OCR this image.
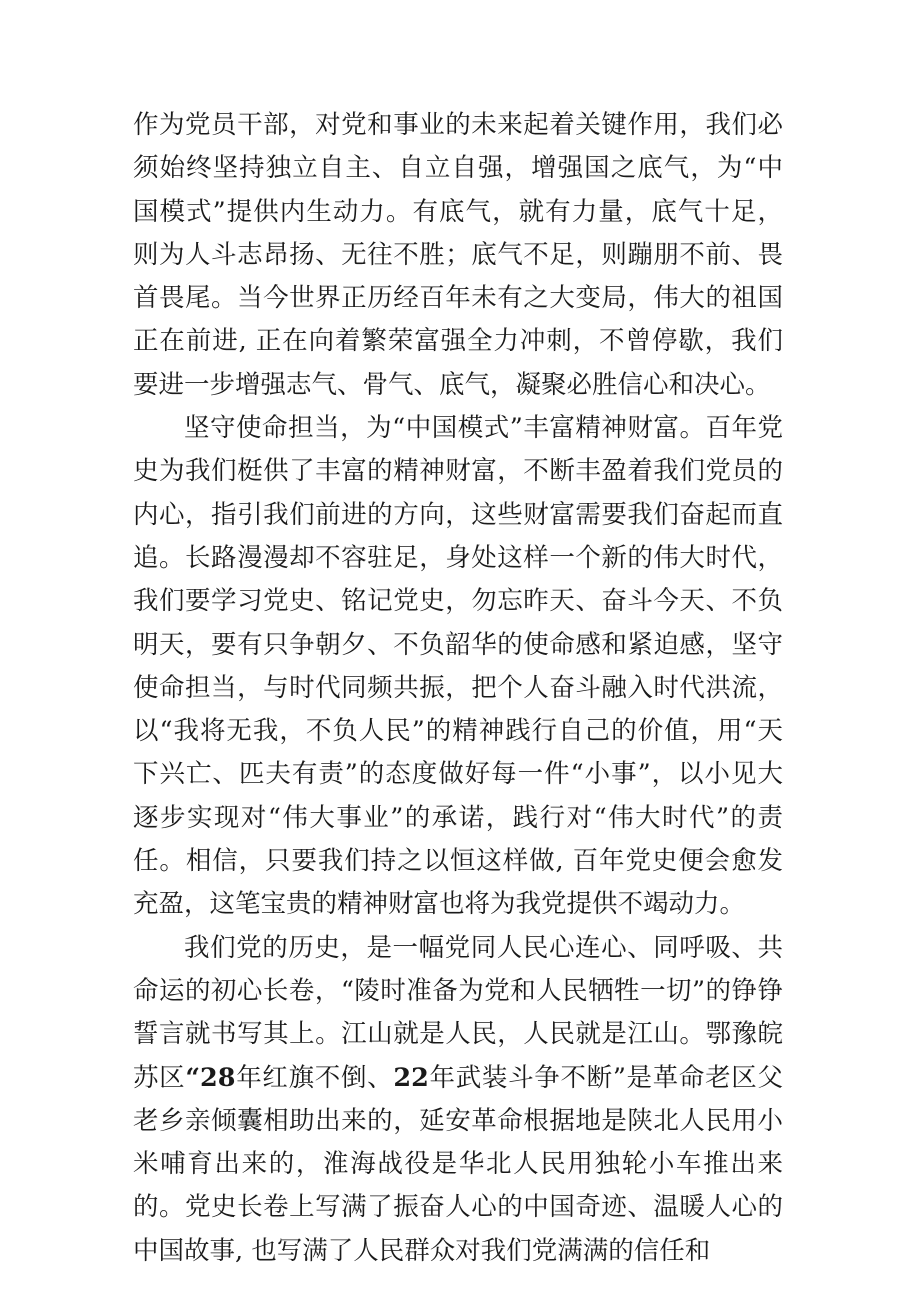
作为党员干部，对党和事业的未来起着关键作用，我们必须始终坚持独立自主、自立自强，增强国之底气，为“中国模式”提供内生动力。有底气，就有力量，底气十足，则为人斗志昂扬、无往不胜；底气不足，则蹦朋不前、畏首畏尾。当今世界正历经百年未有之大变局，伟大的祖国正在前进, 正在向着繁荣富强全力冲刺，不曾停歇，我们要进一步增强志气、骨气、底气，凝聚必胜信心和决心。

坚守使命担当，为“中国模式”丰富精神财富。百年党史为我们梃供了丰富的精神财富，不断丰盈着我们党员的内心，指引我们前进的方向，这些财富需要我们奋起而直追。长路漫漫却不容驻足，身处这样一个新的伟大时代，我们要学习党史、铭记党史，勿忘昨天、奋斗今天、不负明天，要有只争朝夕、不负韶华的使命感和紧迫感，坚守使命担当，与时代同频共振，把个人奋斗融入时代洪流，以“我将无我，不负人民”的精神践行自己的价值，用“天下兴亡、匹夫有责”的态度做好每一件“小事”，以小见大逐步实现对“伟大事业”的承诺，践行对“伟大时代”的责任。相信，只要我们持之以恒这样做, 百年党史便会愈发充盈，这笔宝贵的精神财富也将为我党提供不竭动力。

我们党的历史，是一幅党同人民心连心、同呼吸、共命运的初心长卷，“陵时准备为党和人民牺牲一切”的铮铮誓言就书写其上。江山就是人民，人民就是江山。鄂豫皖苏区“28年红旗不倒、22年武装斗争不断”是革命老区父老乡亲倾囊相助出来的，延安革命根据地是陕北人民用小米哺育出来的，淮海战役是华北人民用独轮小车推出来的。党史长卷上写满了振奋人心的中国奇迹、温暖人心的中国故事, 也写满了人民群众对我们党满满的信任和
